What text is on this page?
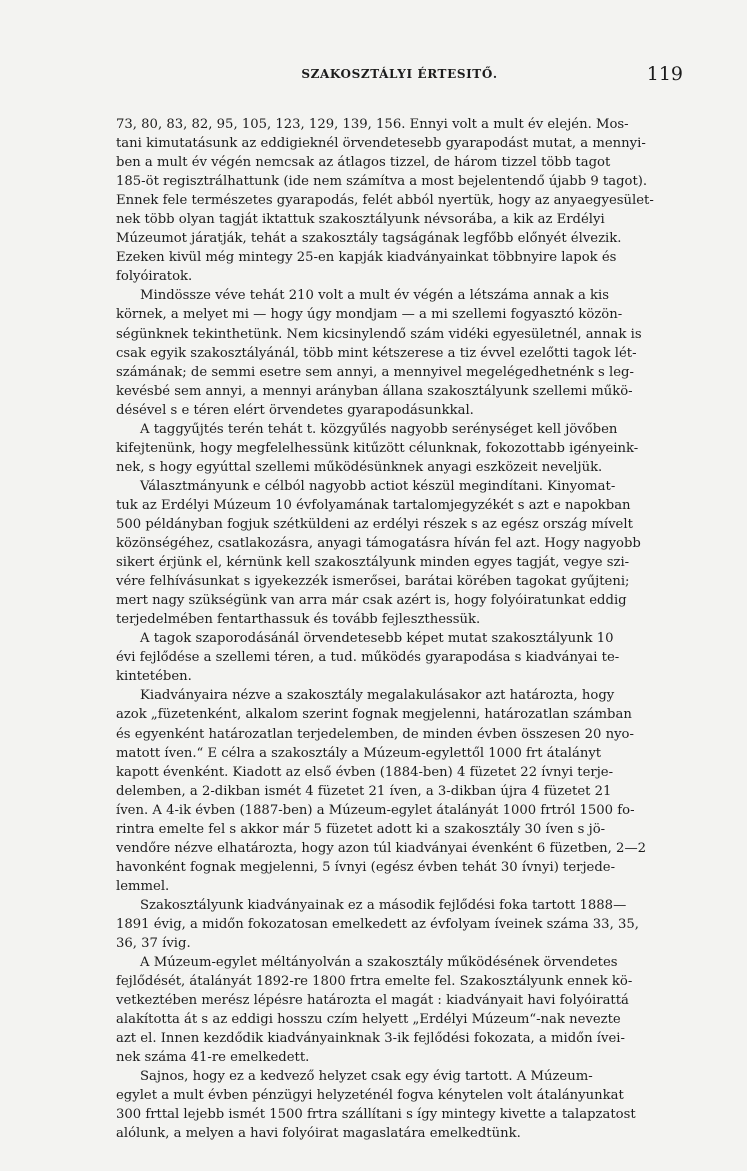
SZAKOSZTÁLYI ÉRTESITŐ.	119
73, 80, 83, 82, 95, 105, 123, 129, 139, 156. Ennyi volt a mult év elején. Mos-
tani kimutatásunk az eddigieknél örvendetesebb gyarapodást mutat, a mennyi-
ben a mult év végén nemcsak az átlagos tizzel, de három tizzel több tagot
185-öt regisztrálhattunk (ide nem számítva a most bejelentendő újabb 9 tagot).
Ennek fele természetes gyarapodás, felét abból nyertük, hogy az anyaegyesület-
nek több olyan tagját iktattuk szakosztályunk névsorába, a kik az Erdélyi
Múzeumot járatják, tehát a szakosztály tagságának legfőbb előnyét élvezik.
Ezeken kivül még mintegy 25-en kapják kiadványainkat többnyire lapok és
folyóiratok.
Mindössze véve tehát 210 volt a mult év végén a létszáma annak a kis
körnek, a melyet mi — hogy úgy mondjam — a mi szellemi fogyasztó közön-
ségünknek tekinthetünk. Nem kicsinylendő szám vidéki egyesületnél, annak is
csak egyik szakosztályánál, több mint kétszerese a tiz évvel ezelőtti tagok lét-
számának; de semmi esetre sem annyi, a mennyivel megelégedhetnénk s leg-
kevésbé sem annyi, a mennyi arányban állana szakosztályunk szellemi műkö-
désével s e téren elért örvendetes gyarapodásunkkal.
A taggyűjtés terén tehát t. közgyűlés nagyobb serénységet kell jövőben
kifejtenünk, hogy megfelelhessünk kitűzött célunknak, fokozottabb igényeink-
nek, s hogy egyúttal szellemi működésünknek anyagi eszközeit neveljük.
Választmányunk e célból nagyobb actiot készül megindítani. Kinyomat-
tuk az Erdélyi Múzeum 10 évfolyamának tartalomjegyzékét s azt e napokban
500 példányban fogjuk szétküldeni az erdélyi részek s az egész ország mívelt
közönségéhez, csatlakozásra, anyagi támogatásra híván fel azt. Hogy nagyobb
sikert érjünk el, kérnünk kell szakosztályunk minden egyes tagját, vegye szi-
vére felhívásunkat s igyekezzék ismerősei, barátai körében tagokat gyűjteni;
mert nagy szükségünk van arra már csak azért is, hogy folyóiratunkat eddig
terjedelmében fentarthassuk és tovább fejleszthessük.
A tagok szaporodásánál örvendetesebb képet mutat szakosztályunk 10
évi fejlődése a szellemi téren, a tud. működés gyarapodása s kiadványai te-
kintetében.
Kiadványaira nézve a szakosztály megalakulásakor azt határozta, hogy
azok „füzetenként, alkalom szerint fognak megjelenni, határozatlan számban
és egyenként határozatlan terjedelemben, de minden évben összesen 20 nyo-
matott íven.“ E célra a szakosztály a Múzeum-egylettől 1000 frt átalányt
kapott évenként. Kiadott az első évben (1884-ben) 4 füzetet 22 ívnyi terje-
delemben, a 2-dikban ismét 4 füzetet 21 íven, a 3-dikban újra 4 füzetet 21
íven. A 4-ik évben (1887-ben) a Múzeum-egylet átalányát 1000 frtról 1500 fo-
rintra emelte fel s akkor már 5 füzetet adott ki a szakosztály 30 íven s jö-
vendőre nézve elhatározta, hogy azon túl kiadványai évenként 6 füzetben, 2—2
havonként fognak megjelenni, 5 ívnyi (egész évben tehát 30 ívnyi) terjede-
lemmel.
Szakosztályunk kiadványainak ez a második fejlődési foka tartott 1888—
1891 évig, a midőn fokozatosan emelkedett az évfolyam íveinek száma 33, 35,
36, 37 ívig.
A Múzeum-egylet méltányolván a szakosztály működésének örvendetes
fejlődését, átalányát 1892-re 1800 frtra emelte fel. Szakosztályunk ennek kö-
vetkeztében merész lépésre határozta el magát : kiadványait havi folyóirattá
alakította át s az eddigi hosszu czím helyett „Erdélyi Múzeum“-nak nevezte
azt el. Innen kezdődik kiadványainknak 3-ik fejlődési fokozata, a midőn ívei-
nek száma 41-re emelkedett.
Sajnos, hogy ez a kedvező helyzet csak egy évig tartott. A Múzeum-
egylet a mult évben pénzügyi helyzeténél fogva kénytelen volt átalányunkat
300 frttal lejebb ismét 1500 frtra szállítani s így mintegy kivette a talapzatost
alólunk, a melyen a havi folyóirat magaslatára emelkedtünk.
